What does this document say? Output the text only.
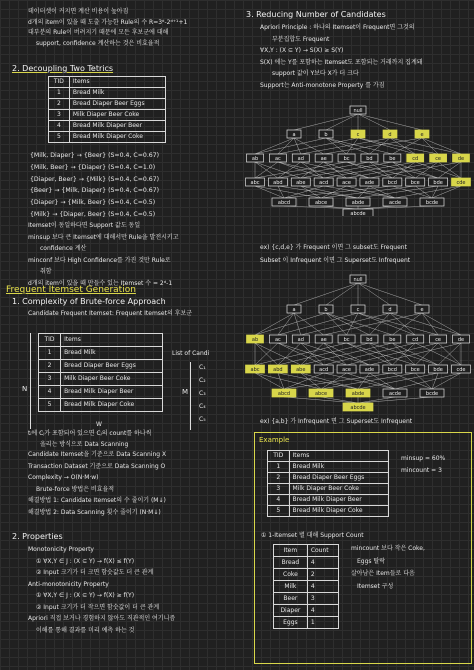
데이터셋이 커지면 계산 비용이 높아짐
d개의 item이 있을 때 도출 가능한 Rule의 수 R=3ᵈ-2ᵈ⁺¹+1
대부분의 Rule이 버려지기 때문에 모든 후보군에 대해
support, confidence 계산하는 것은 비효율적
2. Decoupling Two Tetrics
TID	Items
1	Bread Milk
2	Bread Diaper Beer Eggs
3	Milk Diaper Beer Coke
4	Bread Milk Diaper Beer
5	Bread Milk Diaper Coke
{Milk, Diaper} → {Beer} (S=0.4, C=0.67)
{Milk, Beer} → {Diaper} (S=0.4, C=1.0)
{Diaper, Beer} → {Milk} (S=0.4, C=0.67)
{Beer} → {Milk, Diaper} (S=0.4, C=0.67)
{Diaper} → {Milk, Beer} (S=0.4, C=0.5)
{Milk} → {Diaper, Beer} (S=0.4, C=0.5)
Itemset이 동일하다면 Support 값도 동일
minsup 보다 큰 Itemset에 대해서만 Rule을 발전시키고
confidence 계산
minconf 보다 High Confidence를 가진 것만 Rule로
취함
d개의 item이 있을 때 만들수 있는 Itemset 수 = 2ᵈ-1
Frequent Itemset Generation
1. Complexity of Brute-force Approach
Candidate Frequent Itemset: Frequent Itemset의 후보군
N
TID	Items
1	Bread Milk
2	Bread Diaper Beer Eggs
3	Milk Diaper Beer Coke
4	Bread Milk Diaper Beer
5	Bread Milk Diaper Coke
W
List of Candi
M
C₁
C₂
C₃
C₄
C₅
tᵢ에 Cⱼ가 포함되어 있으면 Cⱼ의 count를 하나씩
올리는 방식으로 Data Scanning
Candidate Itemset을 기준으로 Data Scanning X
Transaction Dataset 기준으로 Data Scanning O
Complexity → O(N·M·w)
Brute-force 방법은 비효율적
해결방법 1: Candidate Itemset의 수 줄이기 (M↓)
해결방법 2: Data Scanning 횟수 줄이기 (N·M↓)
2. Properties
Monotonicity Property
① ∀X,Y ∈ J : (X ⊆ Y) → f(X) ≤ f(Y)
② Input 크기가 더 크면 함숫값도 더 큰 관계
Anti-monotonicity Property
① ∀X,Y ∈ J : (X ⊆ Y) → f(X) ≥ f(Y)
② Input 크기가 더 작으면 함숫값이 더 큰 관계
Apriori 직접 보거나 경험하지 않아도 직관적인 여기니즘
이해를 통해 결과를 미리 예측 하는 것
3. Reducing Number of Candidates
Apriori Principle : 하나의 Itemset이 Frequent면 그것의
부분집합도 Frequent
∀X,Y : (X ⊆ Y) → S(X) ≥ S(Y)
S(X) 에는 Y를 포함하는 Itemset도 포함되는 거래까지 집계돼
support 값이 Y보다 X가 더 크다
Support는 Anti-monotone Property 를 가짐
null
a	b	c	d	e
ab	ac	ad	ae	bc	bd	be	cd	ce	de
abc	abd	abe	acd	ace	ade	bcd	bce	bde	cde
abcd	abce	abde	acde	bcde
abcde
ex) {c,d,e} 가 Frequent 이면 그 subset도 Frequent
Subset 이 Infrequent 이면 그 Superset도 Infrequent
null
a	b	c	d	e
ab	ac	ad	ae	bc	bd	be	cd	ce	de
abc	abd	abe	acd	ace	ade	bcd	bce	bde	cde
abcd	abce	abde	acde	bcde
abcde
ex) {a,b} 가 Infrequent 면 그 Superset도 Infrequent
Example
TID	Items
1	Bread Milk
2	Bread Diaper Beer Eggs
3	Milk Diaper Beer Coke
4	Bread Milk Diaper Beer
5	Bread Milk Diaper Coke
minsup = 60%
mincount = 3
① 1-Itemset 별 대해 Support Count
Item	Count
Bread	4
Coke	2
Milk	4
Beer	3
Diaper	4
Eggs	1
mincount 보다 작은 Coke,
Eggs 탈락
살아남은 Item들로 다음
Itemset 구성
